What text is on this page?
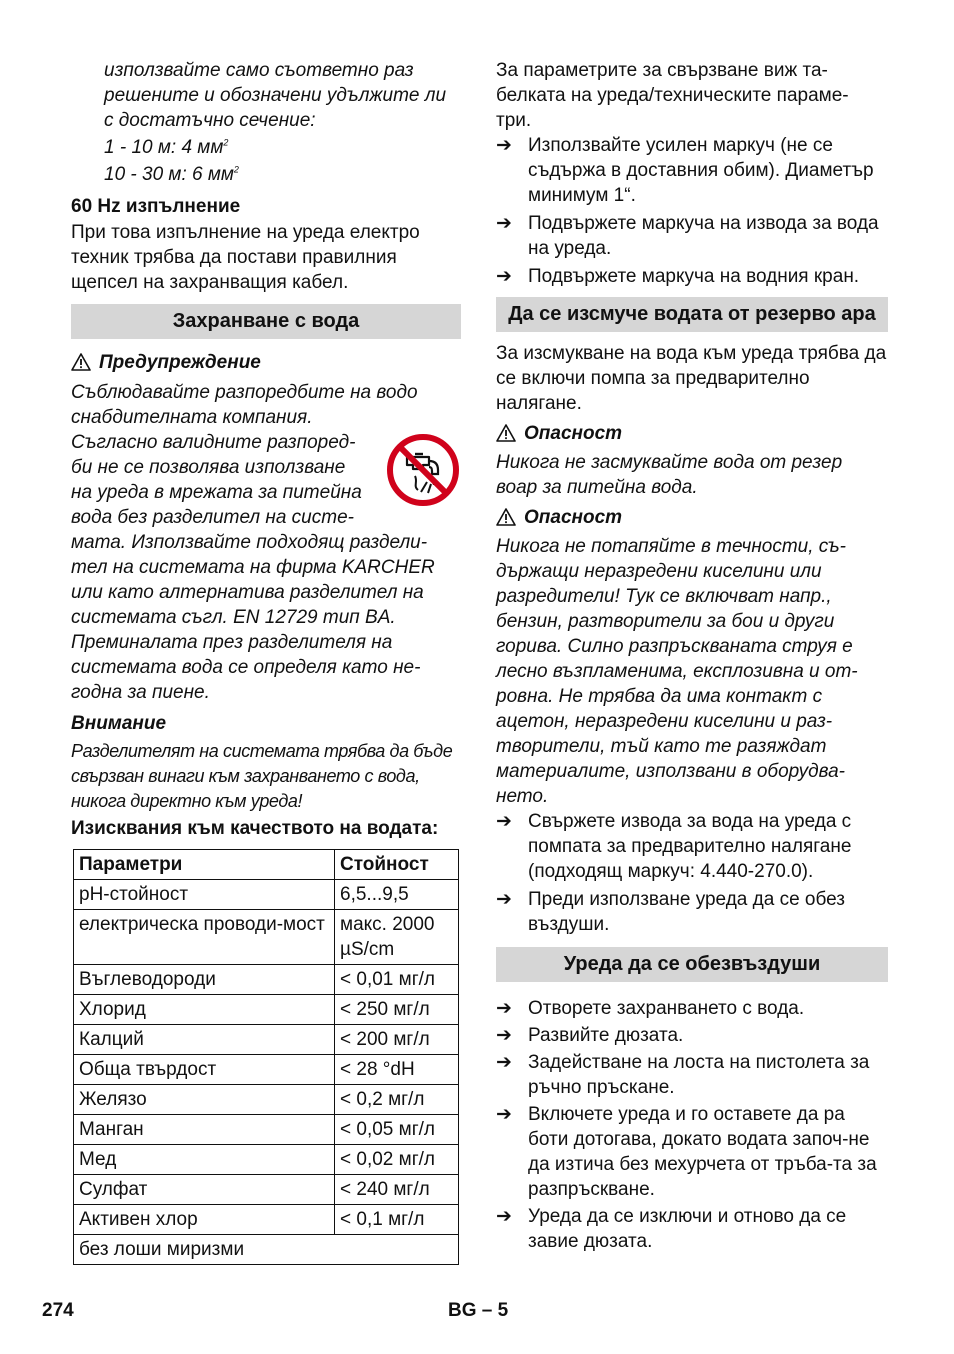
използвайте само съответно раз решените и обозначени удължите ли с достатъчно сечение:

1 - 10 м: 4 $мм^2$

10 - 30 м: 6 $мм^2$

60 Hz изпълнение

При това изпълнение на уреда електро техник трябва да постави правилния щепсел на захранващия кабел.

Захранване с вода
Предупреждение

Съблюдавайте разпоредбите на водо снабдителната компания.

Съгласно валидните разпоред-
би не се позволява използване
на уреда в мрежата за питейна
вода без разделител на систе-
мата. Използвайте подходящ раздели-
тел на системата на фирма KARCHER
или като алтернатива разделител на
системата съгл. EN 12729 тип BA.
Преминалата през разделителя на
системата вода се определя като не-
годна за пиене.

Внимание

Разделителят на системата трябва да бъде свързван винаги към захранването с вода, никога директно към уреда!

Изисквания към качеството на водата:

Параметри	Стойност
pH-стойност	6,5...9,5
електрическа проводи-мост	макс. 2000 µS/cm
Въглеводороди	< 0,01 мг/л
Хлорид	< 250 мг/л
Калций	< 200 мг/л
Обща твърдост	< 28 °dH
Желязо	< 0,2 мг/л
Манган	< 0,05 мг/л
Мед	< 0,02 мг/л
Сулфат	< 240 мг/л
Активен хлор	< 0,1 мг/л
без лоши миризми	

За параметрите за свързване виж та-белката на уреда/техническите параме-три.

➔ Използвайте усилен маркуч (не се съдържа в доставния обим). Диаметър минимум 1“.
➔ Подвържете маркуча на извода за вода на уреда.
➔ Подвържете маркуча на водния кран.
Да се изсмуче водата от резерво ара

За изсмукване на вода към уреда трябва да се включи помпа за предварително налягане.

Опасност

Никога не засмуквайте вода от резер воар за питейна вода.

Опасност

Никога не потапяйте в течности, съ-държащи неразредени киселини или разредители! Тук се включват напр., бензин, разтворители за бои и други горива. Силно разпръскваната струя е лесно възпламенима, експлозивна и от-ровна. Не трябва да има контакт с ацетон, неразредени киселини и раз-творители, тъй като те разяждат материалите, използвани в оборудва-нето.

➔ Свържете извода за вода на уреда с помпата за предварително налягане (подходящ маркуч: 4.440-270.0).
➔ Преди използване уреда да се обез въздуши.
Уреда да се обезвъздуши
➔ Отворете захранването с вода.
➔ Развийте дюзата.
➔ Задействане на лоста на пистолета за ръчно пръскане.
➔ Включете уреда и го оставете да ра боти дотогава, докато водата започ-не да изтича без мехурчета от тръба-та за разпръскване.
➔ Уреда да се изключи и отново да се завие дюзата.
274	BG – 5
